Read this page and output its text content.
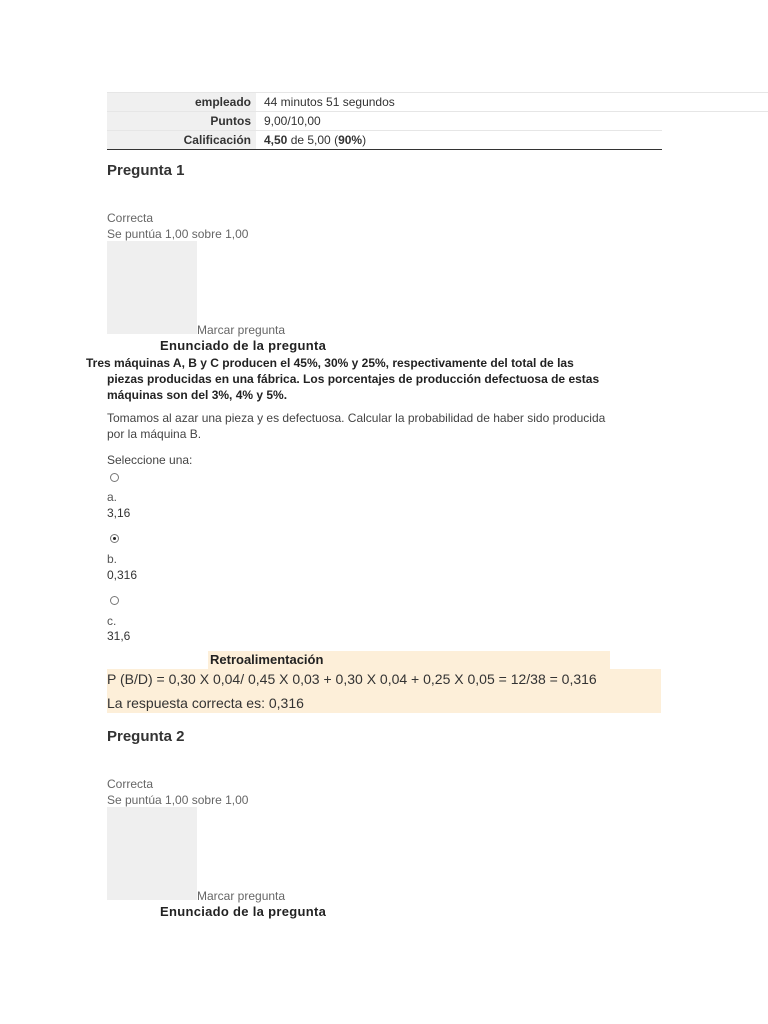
empleado	44 minutos 51 segundos
Puntos	9,00/10,00
Calificación	4,50 de 5,00 (90%)
Pregunta 1
Correcta
Se puntúa 1,00 sobre 1,00
Marcar pregunta
Enunciado de la pregunta
Tres máquinas A, B y C producen el 45%, 30% y 25%, respectivamente del total de las
piezas producidas en una fábrica. Los porcentajes de producción defectuosa de estas
máquinas son del 3%, 4% y 5%.
Tomamos al azar una pieza y es defectuosa. Calcular la probabilidad de haber sido producida
por la máquina B.
Seleccione una:
a.
3,16
b.
0,316
c.
31,6
Retroalimentación
P (B/D) = 0,30 X 0,04/ 0,45 X 0,03 + 0,30 X 0,04 + 0,25 X 0,05 = 12/38 = 0,316
La respuesta correcta es: 0,316
Pregunta 2
Correcta
Se puntúa 1,00 sobre 1,00
Marcar pregunta
Enunciado de la pregunta
